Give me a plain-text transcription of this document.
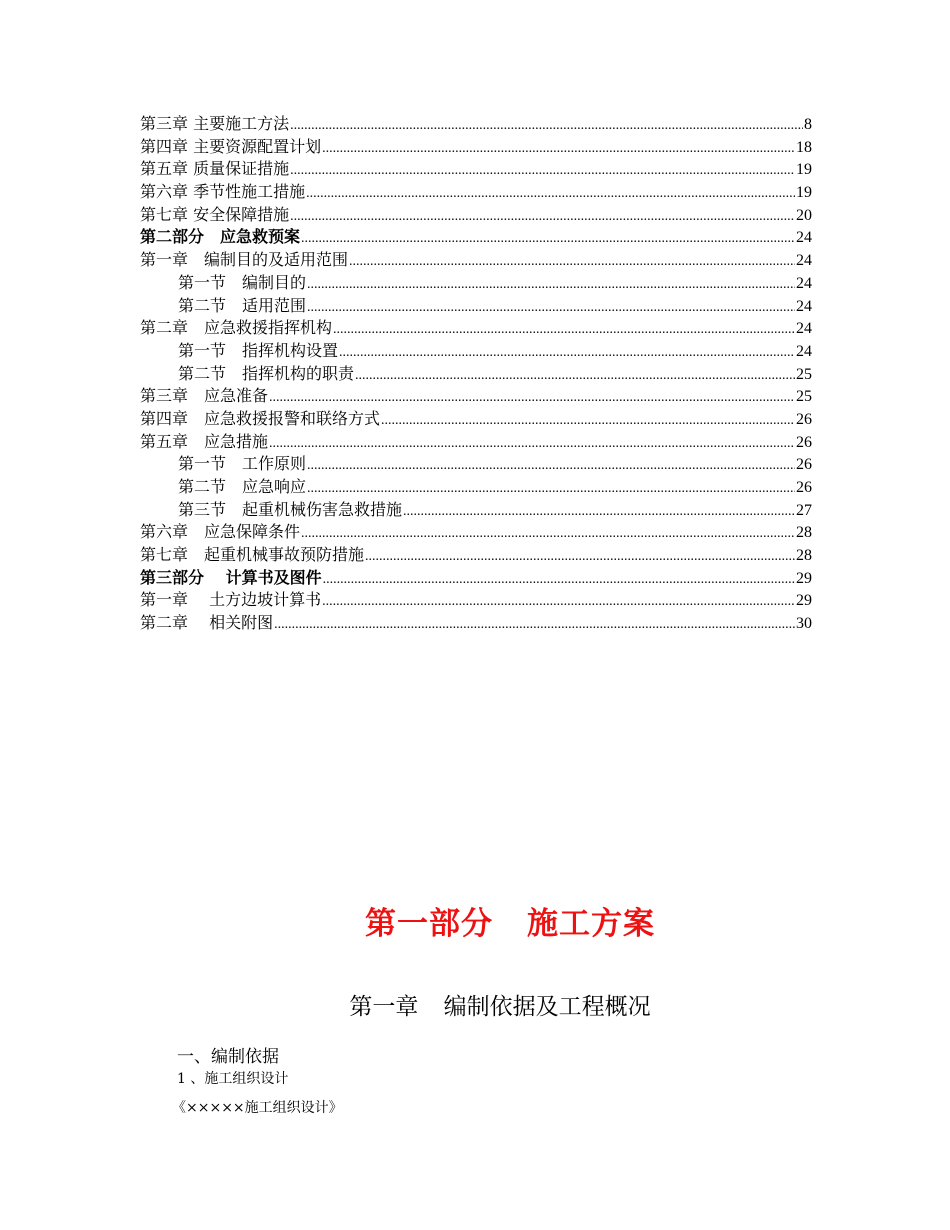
第三章 主要施工方法 .....	8
第四章 主要资源配置计划 .....	18
第五章 质量保证措施 .....	19
第六章 季节性施工措施 .....	19
第七章 安全保障措施 .....	20
第二部分　应急救预案 .....	24
第一章　编制目的及适用范围 .....	24
第一节　编制目的 .....	24
第二节　适用范围 .....	24
第二章　应急救援指挥机构 .....	24
第一节　指挥机构设置 .....	24
第二节　指挥机构的职责 .....	25
第三章　应急准备 .....	25
第四章　应急救援报警和联络方式 .....	26
第五章　应急措施 .....	26
第一节　工作原则 .....	26
第二节　应急响应 .....	26
第三节　起重机械伤害急救措施 .....	27
第六章　应急保障条件 .....	28
第七章　起重机械事故预防措施 .....	28
第三部分　 计算书及图件 .....	29
第一章　 土方边坡计算书 .....	29
第二章　 相关附图 .....	30
第一部分 施工方案
第一章 编制依据及工程概况
一、编制依据
1 、施工组织设计
《×××××施工组织设计》
